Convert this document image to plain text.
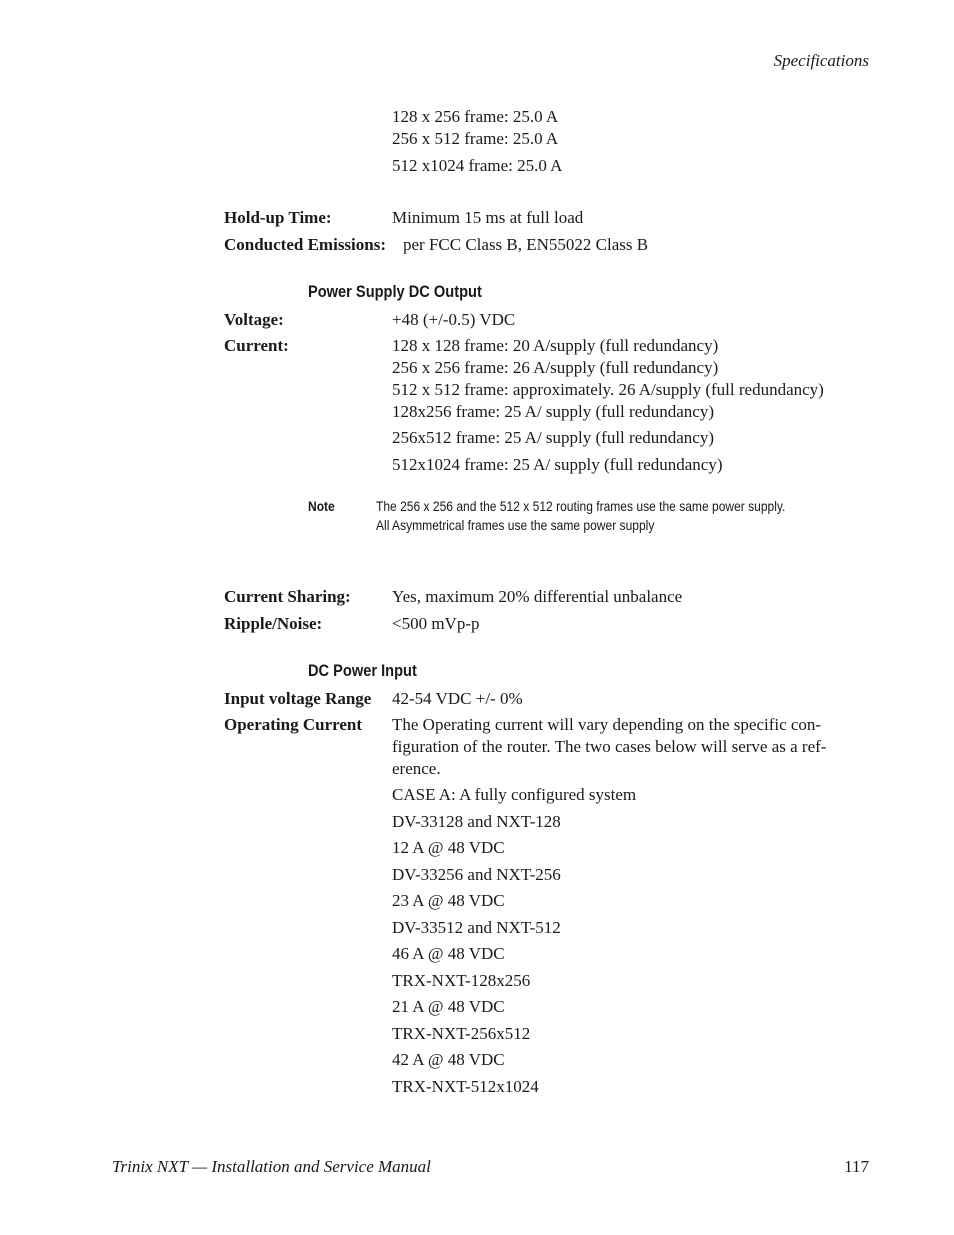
Specifications
128 x 256 frame: 25.0 A
256 x 512 frame: 25.0 A
512 x1024 frame: 25.0 A
Hold-up Time:	Minimum 15 ms at full load
Conducted Emissions: per FCC Class B, EN55022 Class B
Power Supply DC Output
Voltage:	+48 (+/-0.5) VDC
Current:	128 x 128 frame: 20 A/supply (full redundancy)
256 x 256 frame: 26 A/supply (full redundancy)
512 x 512 frame: approximately. 26 A/supply (full redundancy)
128x256 frame: 25 A/ supply (full redundancy)
256x512 frame: 25 A/ supply (full redundancy)
512x1024 frame: 25 A/ supply (full redundancy)
Note	The 256 x 256 and the 512 x 512 routing frames use the same power supply.
All Asymmetrical frames use the same power supply
Current Sharing: Yes, maximum 20% differential unbalance
Ripple/Noise:	<500 mVp-p
DC Power Input
Input voltage Range 42-54 VDC +/- 0%
Operating Current The Operating current will vary depending on the specific con-
figuration of the router. The two cases below will serve as a ref-
erence.
CASE A: A fully configured system
DV-33128 and NXT-128
12 A @ 48 VDC
DV-33256 and NXT-256
23 A @ 48 VDC
DV-33512 and NXT-512
46 A @ 48 VDC
TRX-NXT-128x256
21 A @ 48 VDC
TRX-NXT-256x512
42 A @ 48 VDC
TRX-NXT-512x1024
Trinix NXT — Installation and Service Manual	117
